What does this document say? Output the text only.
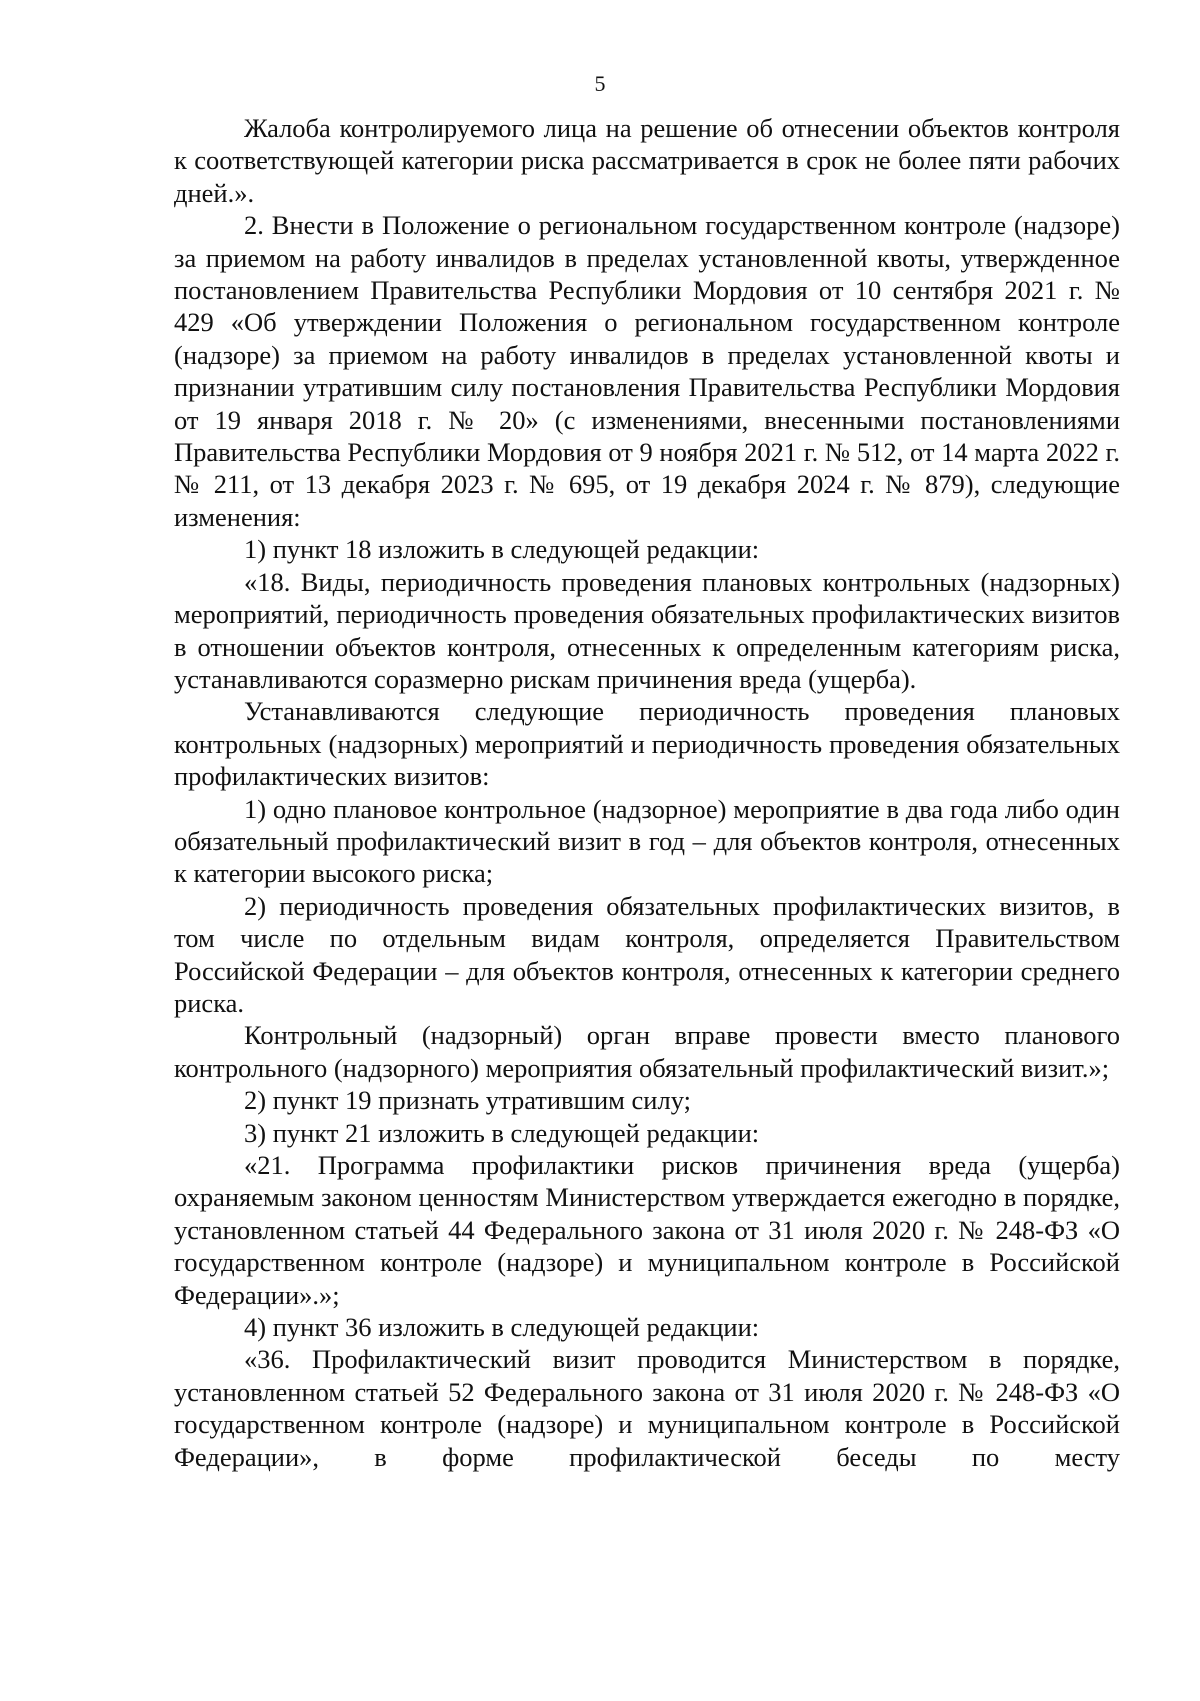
5

Жалоба контролируемого лица на решение об отнесении объектов контроля к соответствующей категории риска рассматривается в срок не более пяти рабочих дней.».

2. Внести в Положение о региональном государственном контроле (надзоре) за приемом на работу инвалидов в пределах установленной квоты, утвержденное постановлением Правительства Республики Мордовия от 10 сентября 2021 г. № 429 «Об утверждении Положения о региональном государственном контроле (надзоре) за приемом на работу инвалидов в пределах установленной квоты и признании утратившим силу постановления Правительства Республики Мордовия от 19 января 2018 г. № 20» (с изменениями, внесенными постановлениями Правительства Республики Мордовия от 9 ноября 2021 г. № 512, от 14 марта 2022 г. № 211, от 13 декабря 2023 г. № 695, от 19 декабря 2024 г. № 879), следующие изменения:

1) пункт 18 изложить в следующей редакции:

«18. Виды, периодичность проведения плановых контрольных (надзорных) мероприятий, периодичность проведения обязательных профилактических визитов в отношении объектов контроля, отнесенных к определенным категориям риска, устанавливаются соразмерно рискам причинения вреда (ущерба).

Устанавливаются следующие периодичность проведения плановых контрольных (надзорных) мероприятий и периодичность проведения обязательных профилактических визитов:

1) одно плановое контрольное (надзорное) мероприятие в два года либо один обязательный профилактический визит в год – для объектов контроля, отнесенных к категории высокого риска;

2) периодичность проведения обязательных профилактических визитов, в том числе по отдельным видам контроля, определяется Правительством Российской Федерации – для объектов контроля, отнесенных к категории среднего риска.

Контрольный (надзорный) орган вправе провести вместо планового контрольного (надзорного) мероприятия обязательный профилактический визит.»;

2) пункт 19 признать утратившим силу;

3) пункт 21 изложить в следующей редакции:

«21. Программа профилактики рисков причинения вреда (ущерба) охраняемым законом ценностям Министерством утверждается ежегодно в порядке, установленном статьей 44 Федерального закона от 31 июля 2020 г. № 248-ФЗ «О государственном контроле (надзоре) и муниципальном контроле в Российской Федерации».»;

4) пункт 36 изложить в следующей редакции:

«36. Профилактический визит проводится Министерством в порядке, установленном статьей 52 Федерального закона от 31 июля 2020 г. № 248-ФЗ «О государственном контроле (надзоре) и муниципальном контроле в Российской Федерации», в форме профилактической беседы по месту
